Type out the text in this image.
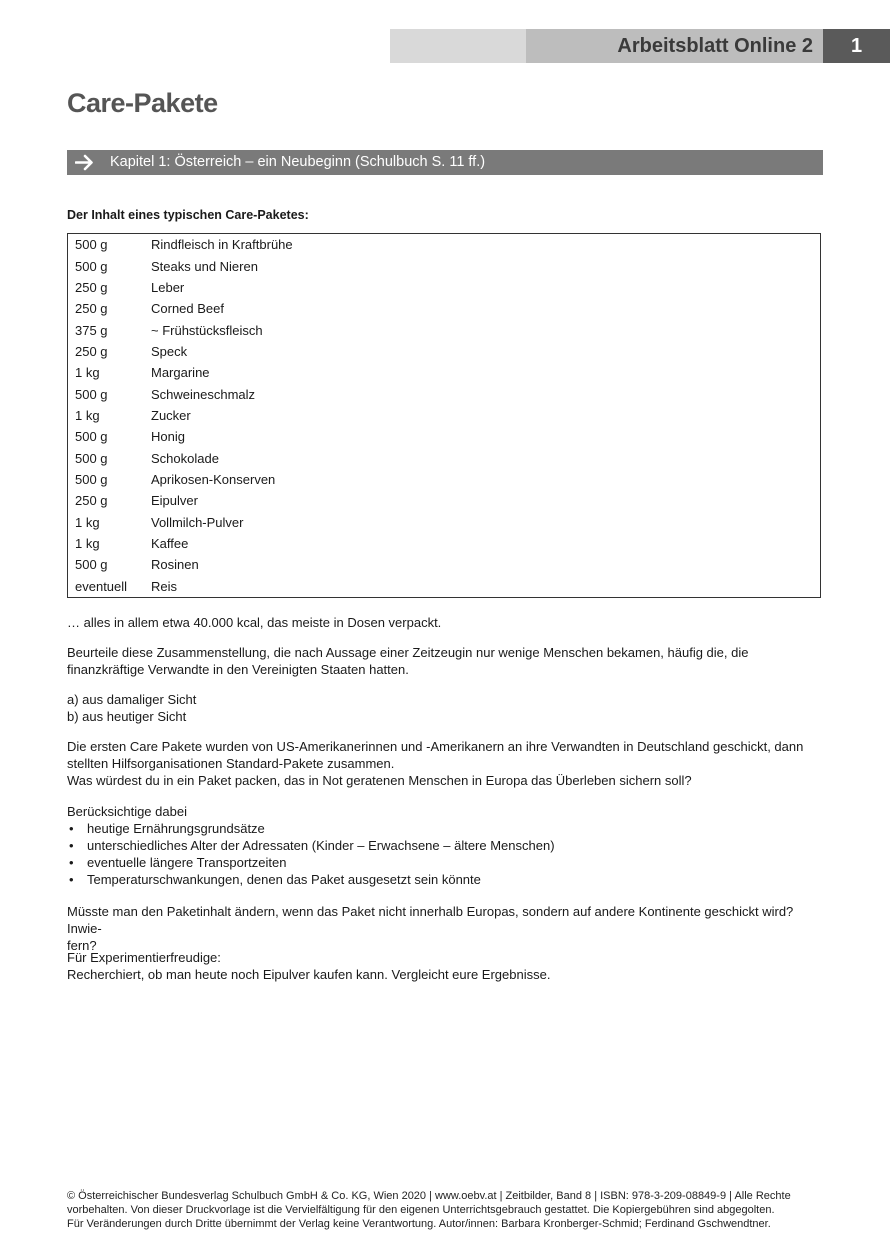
Arbeitsblatt Online 2	1
Care-Pakete
Kapitel 1: Österreich – ein Neubeginn (Schulbuch S. 11 ff.)
Der Inhalt eines typischen Care-Paketes:
500 g	Rindfleisch in Kraftbrühe
500 g	Steaks und Nieren
250 g	Leber
250 g	Corned Beef
375 g	~ Frühstücksfleisch
250 g	Speck
1 kg	Margarine
500 g	Schweineschmalz
1 kg	Zucker
500 g	Honig
500 g	Schokolade
500 g	Aprikosen-Konserven
250 g	Eipulver
1 kg	Vollmilch-Pulver
1 kg	Kaffee
500 g	Rosinen
eventuell	Reis
… alles in allem etwa 40.000 kcal, das meiste in Dosen verpackt.
Beurteile diese Zusammenstellung, die nach Aussage einer Zeitzeugin nur wenige Menschen bekamen, häufig die, die finanzkräftige Verwandte in den Vereinigten Staaten hatten.
a) aus damaliger Sicht
b) aus heutiger Sicht
Die ersten Care Pakete wurden von US-Amerikanerinnen und -Amerikanern an ihre Verwandten in Deutschland geschickt, dann stellten Hilfsorganisationen Standard-Pakete zusammen.
Was würdest du in ein Paket packen, das in Not geratenen Menschen in Europa das Überleben sichern soll?
Berücksichtige dabei
• heutige Ernährungsgrundsätze
• unterschiedliches Alter der Adressaten (Kinder – Erwachsene – ältere Menschen)
• eventuelle längere Transportzeiten
• Temperaturschwankungen, denen das Paket ausgesetzt sein könnte
Müsste man den Paketinhalt ändern, wenn das Paket nicht innerhalb Europas, sondern auf andere Kontinente geschickt wird? Inwie-
fern?
Für Experimentierfreudige:
Recherchiert, ob man heute noch Eipulver kaufen kann. Vergleicht eure Ergebnisse.
© Österreichischer Bundesverlag Schulbuch GmbH & Co. KG, Wien 2020 | www.oebv.at | Zeitbilder, Band 8 | ISBN: 978-3-209-08849-9 | Alle Rechte
vorbehalten. Von dieser Druckvorlage ist die Vervielfältigung für den eigenen Unterrichtsgebrauch gestattet. Die Kopiergebühren sind abgegolten.
Für Veränderungen durch Dritte übernimmt der Verlag keine Verantwortung. Autor/innen: Barbara Kronberger-Schmid; Ferdinand Gschwendtner.
